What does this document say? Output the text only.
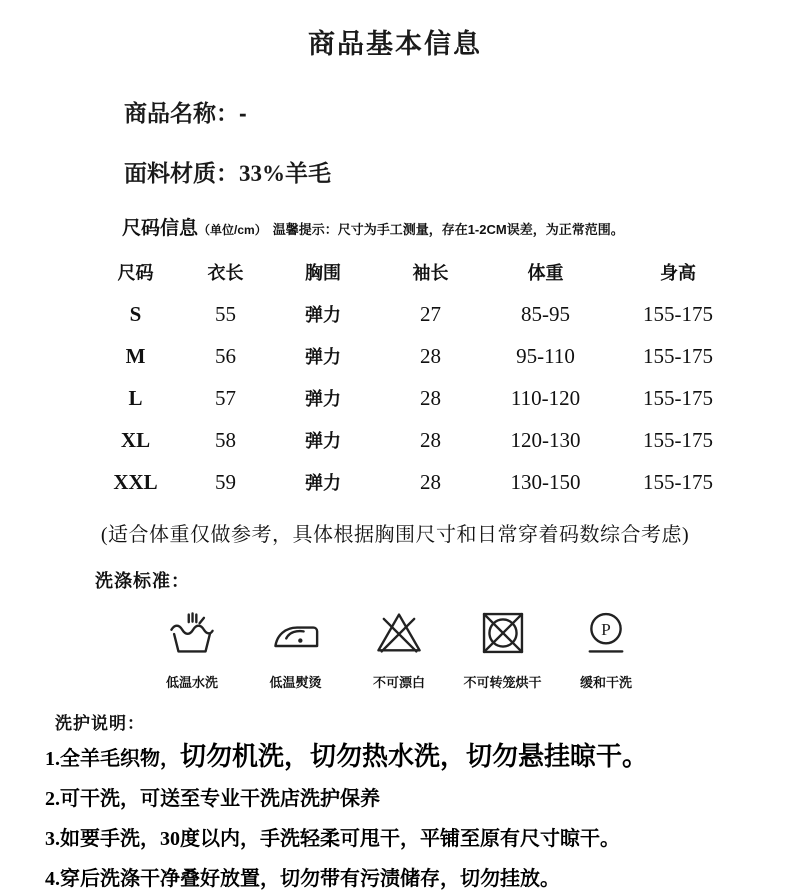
商品基本信息
商品名称：-
面料材质：33%羊毛
尺码信息（单位/cm） 温馨提示：尺寸为手工测量，存在1-2CM误差，为正常范围。
尺码	衣长	胸围	袖长	体重	身高
S	55	弹力	27	85-95	155-175
M	56	弹力	28	95-110	155-175
L	57	弹力	28	110-120	155-175
XL	58	弹力	28	120-130	155-175
XXL	59	弹力	28	130-150	155-175
(适合体重仅做参考，具体根据胸围尺寸和日常穿着码数综合考虑)
洗涤标准：
低温水洗	低温熨烫	不可漂白	不可转笼烘干
P
缓和干洗
洗护说明：
1.全羊毛织物，切勿机洗，切勿热水洗，切勿悬挂晾干。
2.可干洗，可送至专业干洗店洗护保养
3.如要手洗，30度以内，手洗轻柔可甩干，平铺至原有尺寸晾干。
4.穿后洗涤干净叠好放置，切勿带有污渍储存，切勿挂放。
